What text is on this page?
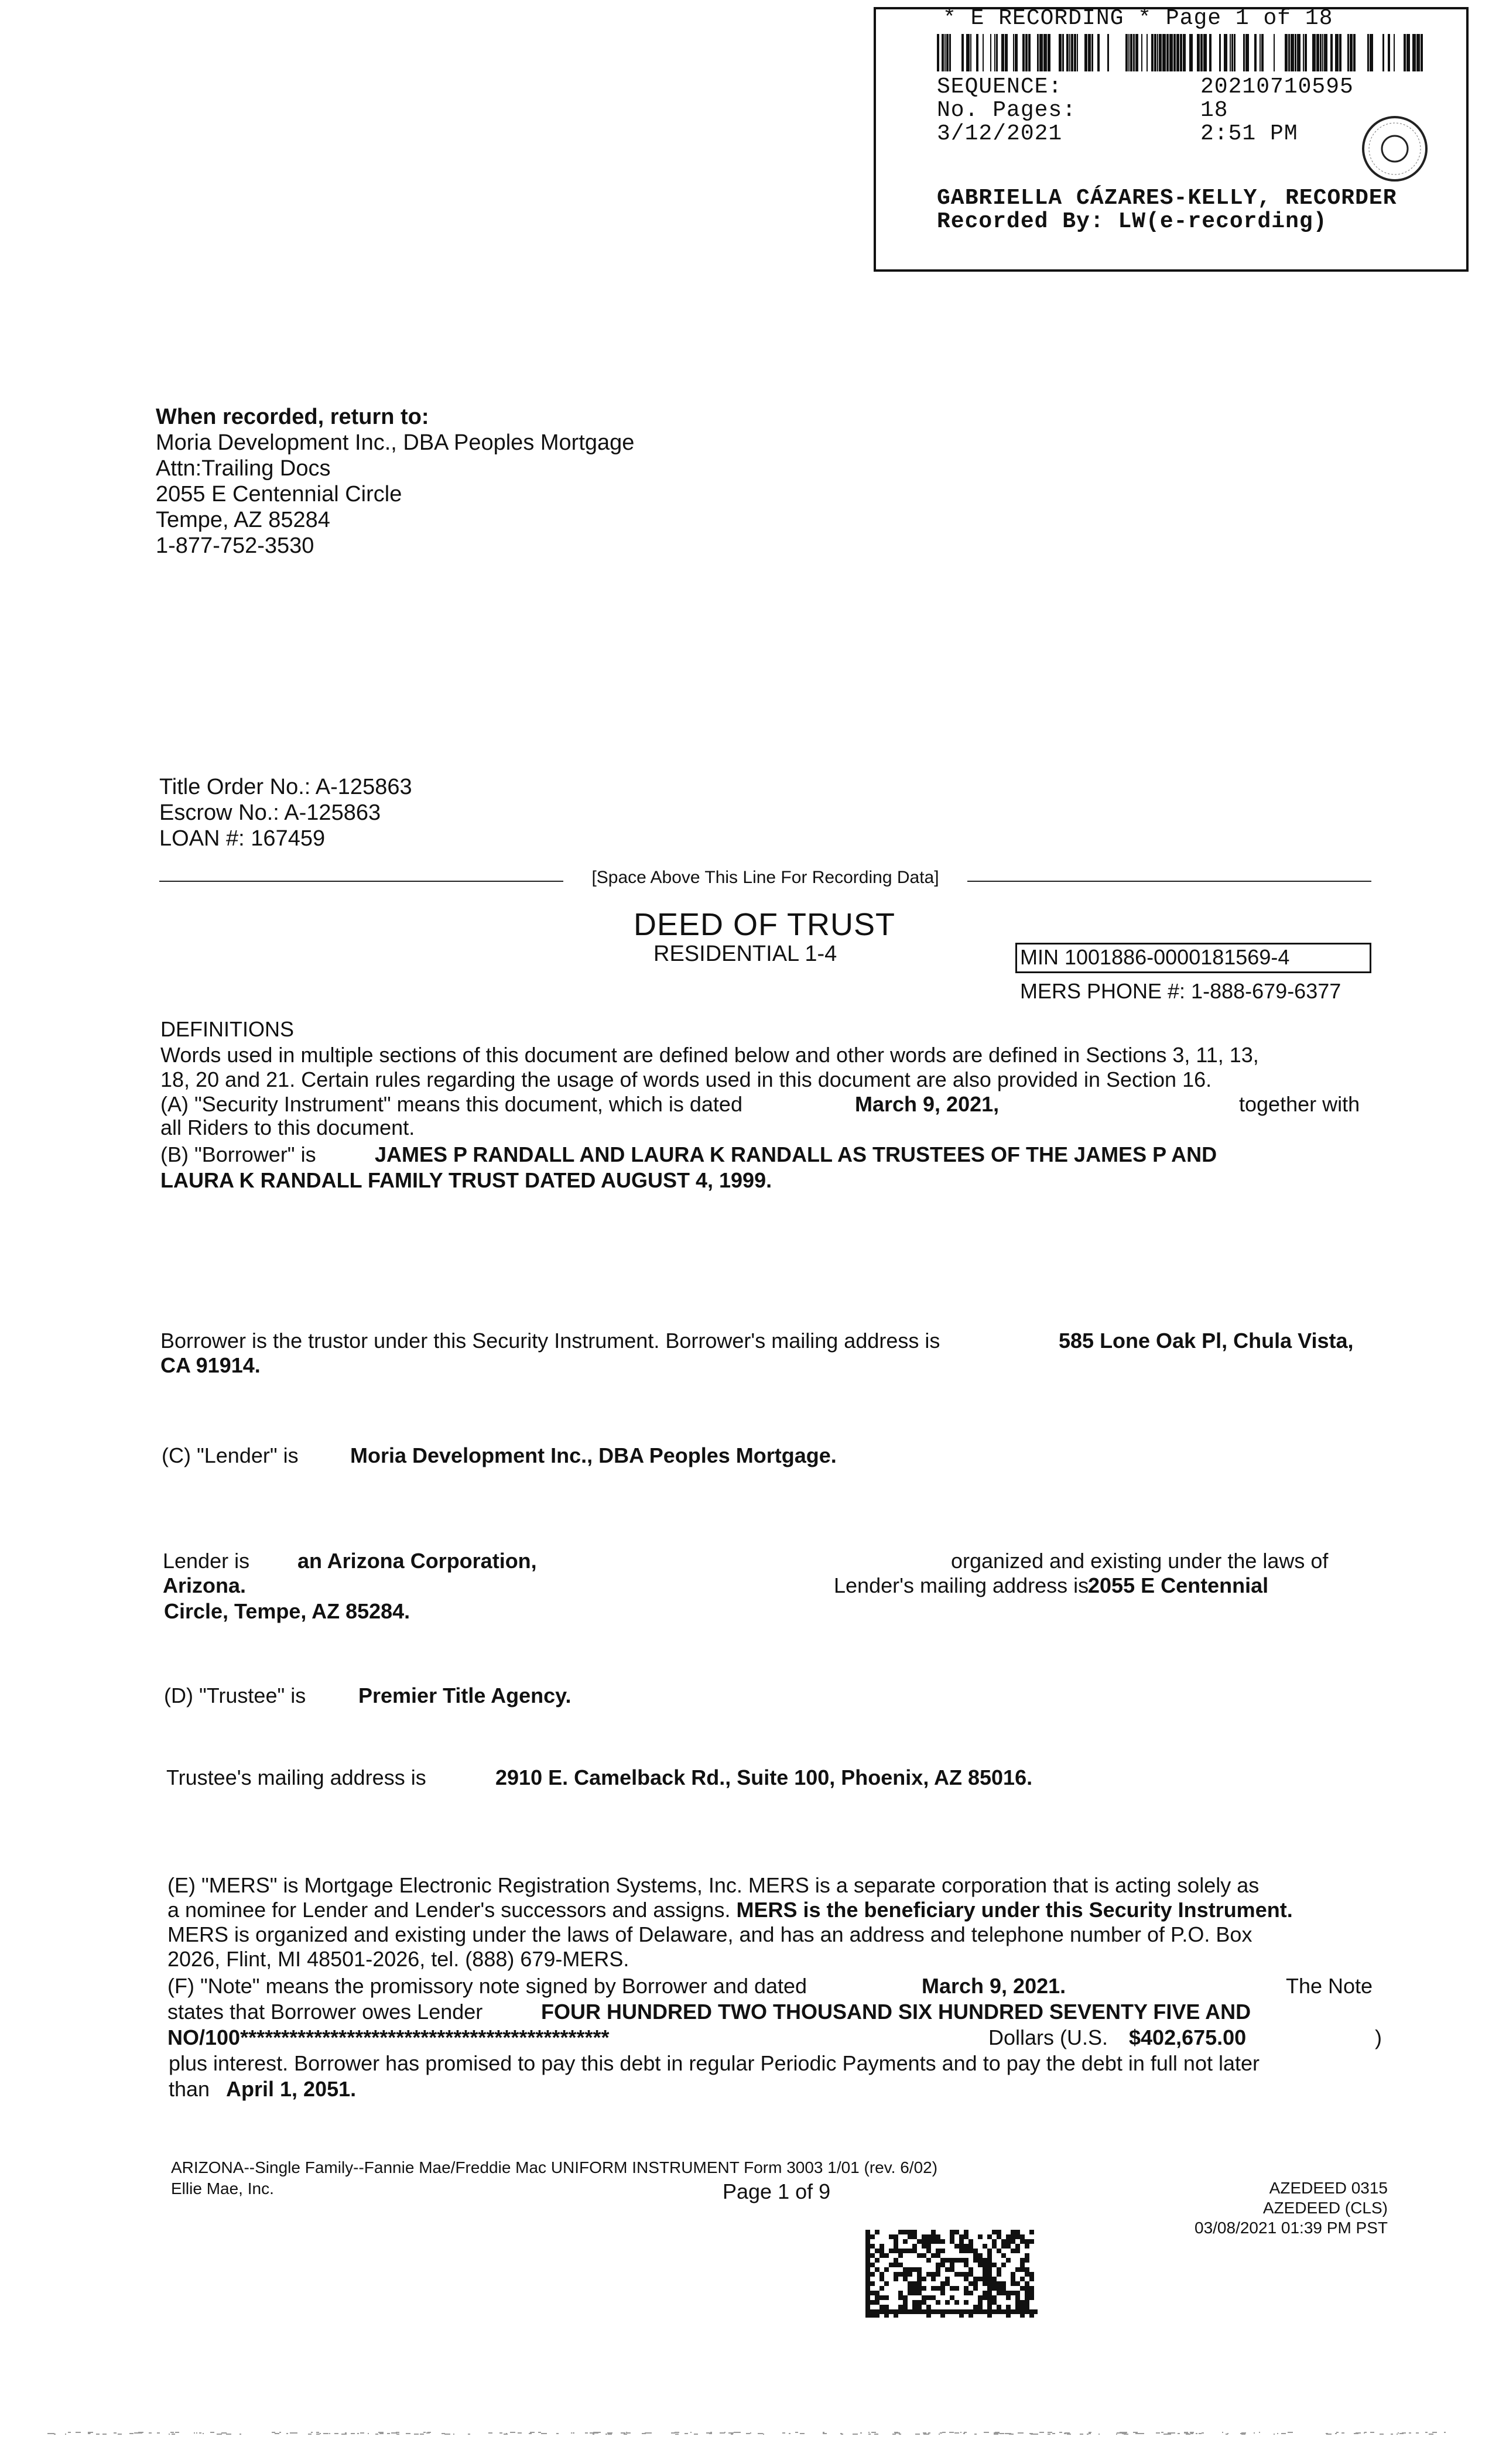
* E RECORDING * Page 1 of 18
SEQUENCE:	20210710595
No. Pages:	18
3/12/2021	2:51 PM
GABRIELLA CÁZARES-KELLY, RECORDER
Recorded By: LW(e-recording)
When recorded, return to:
Moria Development Inc., DBA Peoples Mortgage
Attn:Trailing Docs
2055 E Centennial Circle
Tempe, AZ 85284
1-877-752-3530
Title Order No.: A-125863
Escrow No.: A-125863
LOAN #: 167459
[Space Above This Line For Recording Data]
DEED OF TRUST
RESIDENTIAL 1-4	MIN 1001886-0000181569-4
MERS PHONE #: 1-888-679-6377
DEFINITIONS
Words used in multiple sections of this document are defined below and other words are defined in Sections 3, 11, 13,
18, 20 and 21. Certain rules regarding the usage of words used in this document are also provided in Section 16.
(A) "Security Instrument" means this document, which is dated	March 9, 2021,	together with
all Riders to this document.
(B) "Borrower" is	JAMES P RANDALL AND LAURA K RANDALL AS TRUSTEES OF THE JAMES P AND
LAURA K RANDALL FAMILY TRUST DATED AUGUST 4, 1999.
Borrower is the trustor under this Security Instrument. Borrower's mailing address is	585 Lone Oak Pl, Chula Vista,
CA 91914.
(C) "Lender" is Moria Development Inc., DBA Peoples Mortgage.
Lender is an Arizona Corporation,	organized and existing under the laws of
Arizona.	Lender's mailing address is
2055 E Centennial
Circle, Tempe, AZ 85284.
(D) "Trustee" is Premier Title Agency.
Trustee's mailing address is	2910 E. Camelback Rd., Suite 100, Phoenix, AZ 85016.
(E) "MERS" is Mortgage Electronic Registration Systems, Inc. MERS is a separate corporation that is acting solely as
a nominee for Lender and Lender's successors and assigns. MERS is the beneficiary under this Security Instrument.
MERS is organized and existing under the laws of Delaware, and has an address and telephone number of P.O. Box
2026, Flint, MI 48501-2026, tel. (888) 679-MERS.
(F) "Note" means the promissory note signed by Borrower and dated	March 9, 2021.	The Note
states that Borrower owes Lender	FOUR HUNDRED TWO THOUSAND SIX HUNDRED SEVENTY FIVE AND
NO/100*********************************************	Dollars (U.S. $402,675.00	)
plus interest. Borrower has promised to pay this debt in regular Periodic Payments and to pay the debt in full not later
than April 1, 2051.
ARIZONA--Single Family--Fannie Mae/Freddie Mac UNIFORM INSTRUMENT Form 3003 1/01 (rev. 6/02)
Ellie Mae, Inc.	Page 1 of 9	AZEDEED 0315
AZEDEED (CLS)
03/08/2021 01:39 PM PST
